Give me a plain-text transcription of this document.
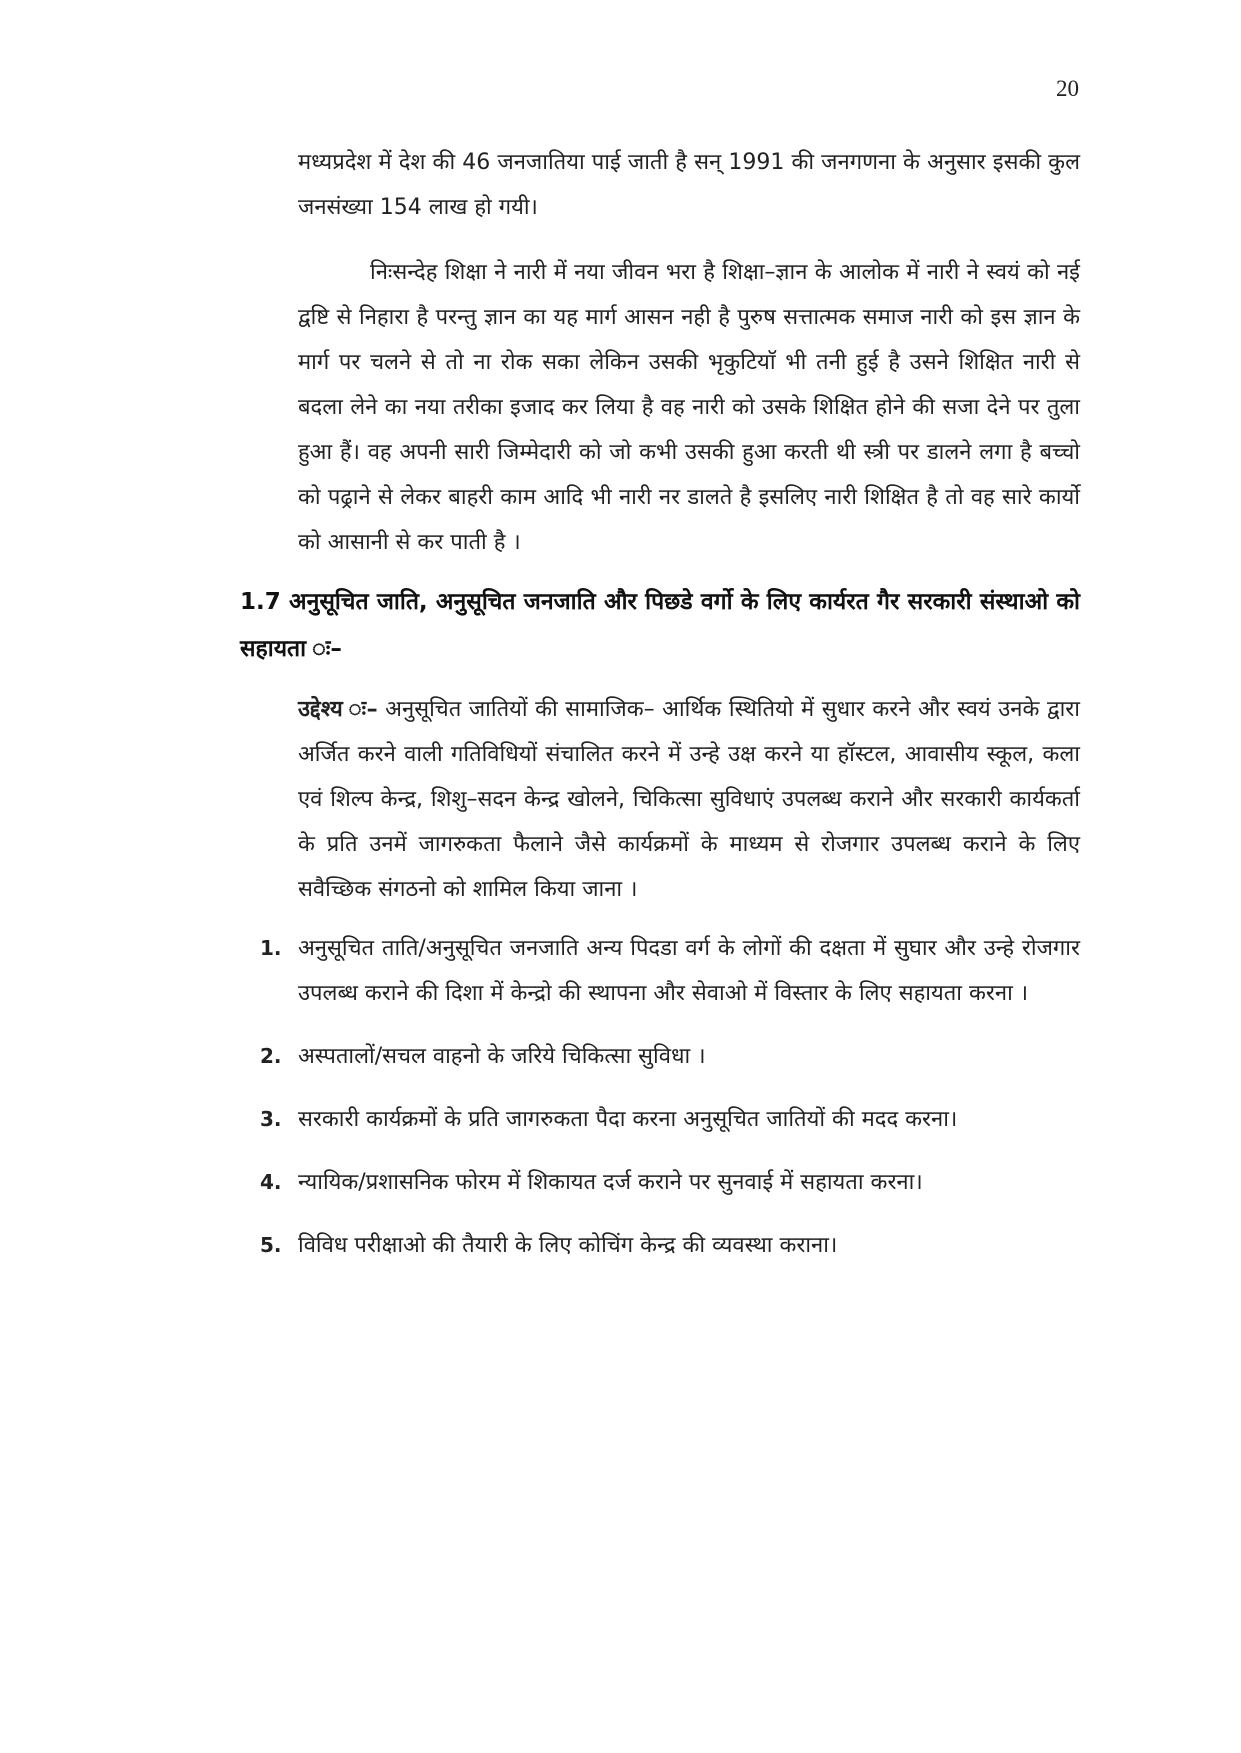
20

मध्यप्रदेश में देश की 46 जनजातिया पाई जाती है सन् 1991 की जनगणना के अनुसार इसकी कुल जनसंख्या 154 लाख हो गयी।

निःसन्देह शिक्षा ने नारी में नया जीवन भरा है शिक्षा–ज्ञान के आलोक में नारी ने स्वयं को नई द्वष्टि से निहारा है परन्तु ज्ञान का यह मार्ग आसन नही है पुरुष सत्तात्मक समाज नारी को इस ज्ञान के मार्ग पर चलने से तो ना रोक सका लेकिन उसकी भृकुटियाॅ भी तनी हुई है उसने शिक्षित नारी से बदला लेने का नया तरीका इजाद कर लिया है वह नारी को उसके शिक्षित होने की सजा देने पर तुला हुआ हैं। वह अपनी सारी जिम्मेदारी को जो कभी उसकी हुआ करती थी स्त्री पर डालने लगा है बच्चो को पढ्राने से लेकर बाहरी काम आदि भी नारी नर डालते है इसलिए नारी शिक्षित है तो वह सारे कार्यो को आसानी से कर पाती है ।

1.7 अनुसूचित जाति, अनुसूचित जनजाति और पिछडे वर्गो के लिए कार्यरत गैर सरकारी संस्थाओ को सहायता ः–

उद्देश्य ः– अनुसूचित जातियों की सामाजिक– आर्थिक स्थितियो में सुधार करने और स्वयं उनके द्वारा अर्जित करने वाली गतिविधियों संचालित करने में उन्हे उक्ष करने या हॉस्टल, आवासीय स्कूल, कला एवं शिल्प केन्द्र, शिशु–सदन केन्द्र खोलने, चिकित्सा सुविधाएं उपलब्ध कराने और सरकारी कार्यकर्ता के प्रति उनमें जागरुकता फैलाने जैसे कार्यक्रमों के माध्यम से रोजगार उपलब्ध कराने के लिए सवैच्छिक संगठनो को शामिल किया जाना ।

1. अनुसूचित ताति/अनुसूचित जनजाति अन्य पिदडा वर्ग के लोगों की दक्षता में सुघार और उन्हे रोजगार उपलब्ध कराने की दिशा में केन्द्रो की स्थापना और सेवाओ में विस्तार के लिए सहायता करना ।
2. अस्पतालों/सचल वाहनो के जरिये चिकित्सा सुविधा ।
3. सरकारी कार्यक्रमों के प्रति जागरुकता पैदा करना अनुसूचित जातियों की मदद करना।
4. न्यायिक/प्रशासनिक फोरम में शिकायत दर्ज कराने पर सुनवाई में सहायता करना।
5. विविध परीक्षाओ की तैयारी के लिए कोचिंग केन्द्र की व्यवस्था कराना।
